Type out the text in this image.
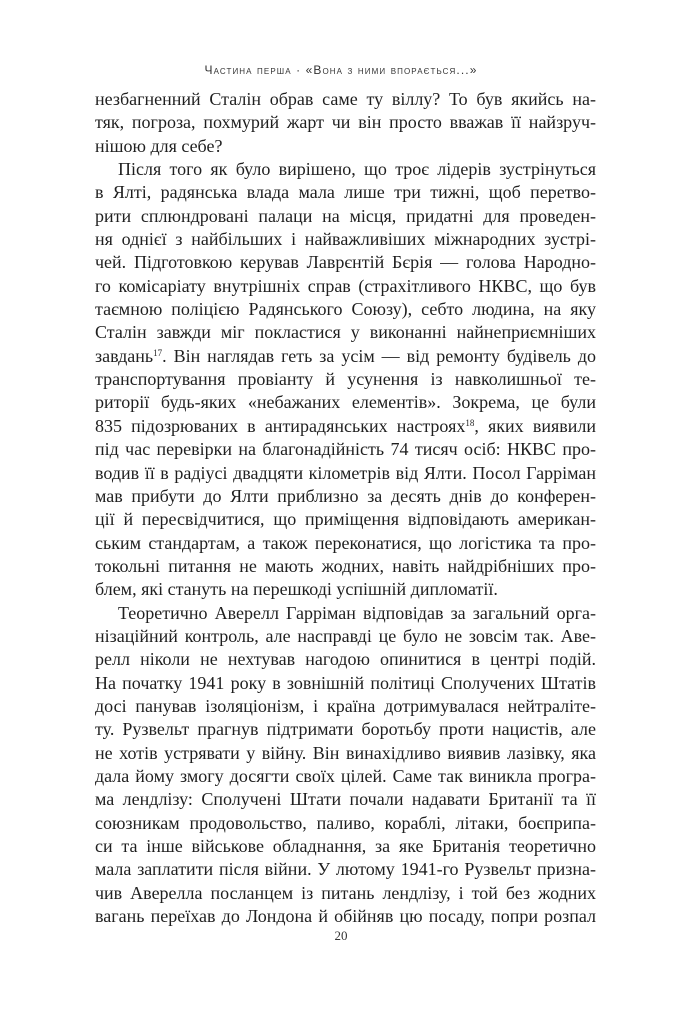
Частина перша · «Вона з ними впорається...»
незбагненний Сталін обрав саме ту віллу? То був якийсь на-
тяк, погроза, похмурий жарт чи він просто вважав її найзруч-
нішою для себе?
Після того як було вирішено, що троє лідерів зустрінуться
в Ялті, радянська влада мала лише три тижні, щоб перетво-
рити сплюндровані палаци на місця, придатні для проведен-
ня однієї з найбільших і найважливіших міжнародних зустрі-
чей. Підготовкою керував Лаврєнтій Бєрія — голова Народно-
го комісаріату внутрішніх справ (страхітливого НКВС, що був
таємною поліцією Радянського Союзу), себто людина, на яку
Сталін завжди міг покластися у виконанні найнеприємніших
завдань$^{17}$. Він наглядав геть за усім — від ремонту будівель до
транспортування провіанту й усунення із навколишньої те-
риторії будь-яких «небажаних елементів». Зокрема, це були
835 підозрюваних в антирадянських настроях$^{18}$, яких виявили
під час перевірки на благонадійність 74 тисяч осіб: НКВС про-
водив її в радіусі двадцяти кілометрів від Ялти. Посол Гарріман
мав прибути до Ялти приблизно за десять днів до конферен-
ції й пересвідчитися, що приміщення відповідають американ-
ським стандартам, а також переконатися, що логістика та про-
токольні питання не мають жодних, навіть найдрібніших про-
блем, які стануть на перешкоді успішній дипломатії.
Теоретично Аверелл Гарріман відповідав за загальний орга-
нізаційний контроль, але насправді це було не зовсім так. Аве-
релл ніколи не нехтував нагодою опинитися в центрі подій.
На початку 1941 року в зовнішній політиці Сполучених Штатів
досі панував ізоляціонізм, і країна дотримувалася нейтраліте-
ту. Рузвельт прагнув підтримати боротьбу проти нацистів, але
не хотів устрявати у війну. Він винахідливо виявив лазівку, яка
дала йому змогу досягти своїх цілей. Саме так виникла програ-
ма лендлізу: Сполучені Штати почали надавати Британії та її
союзникам продовольство, паливо, кораблі, літаки, боєприпа-
си та інше військове обладнання, за яке Британія теоретично
мала заплатити після війни. У лютому 1941-го Рузвельт призна-
чив Аверелла посланцем із питань лендлізу, і той без жодних
вагань переїхав до Лондона й обійняв цю посаду, попри розпал
20
